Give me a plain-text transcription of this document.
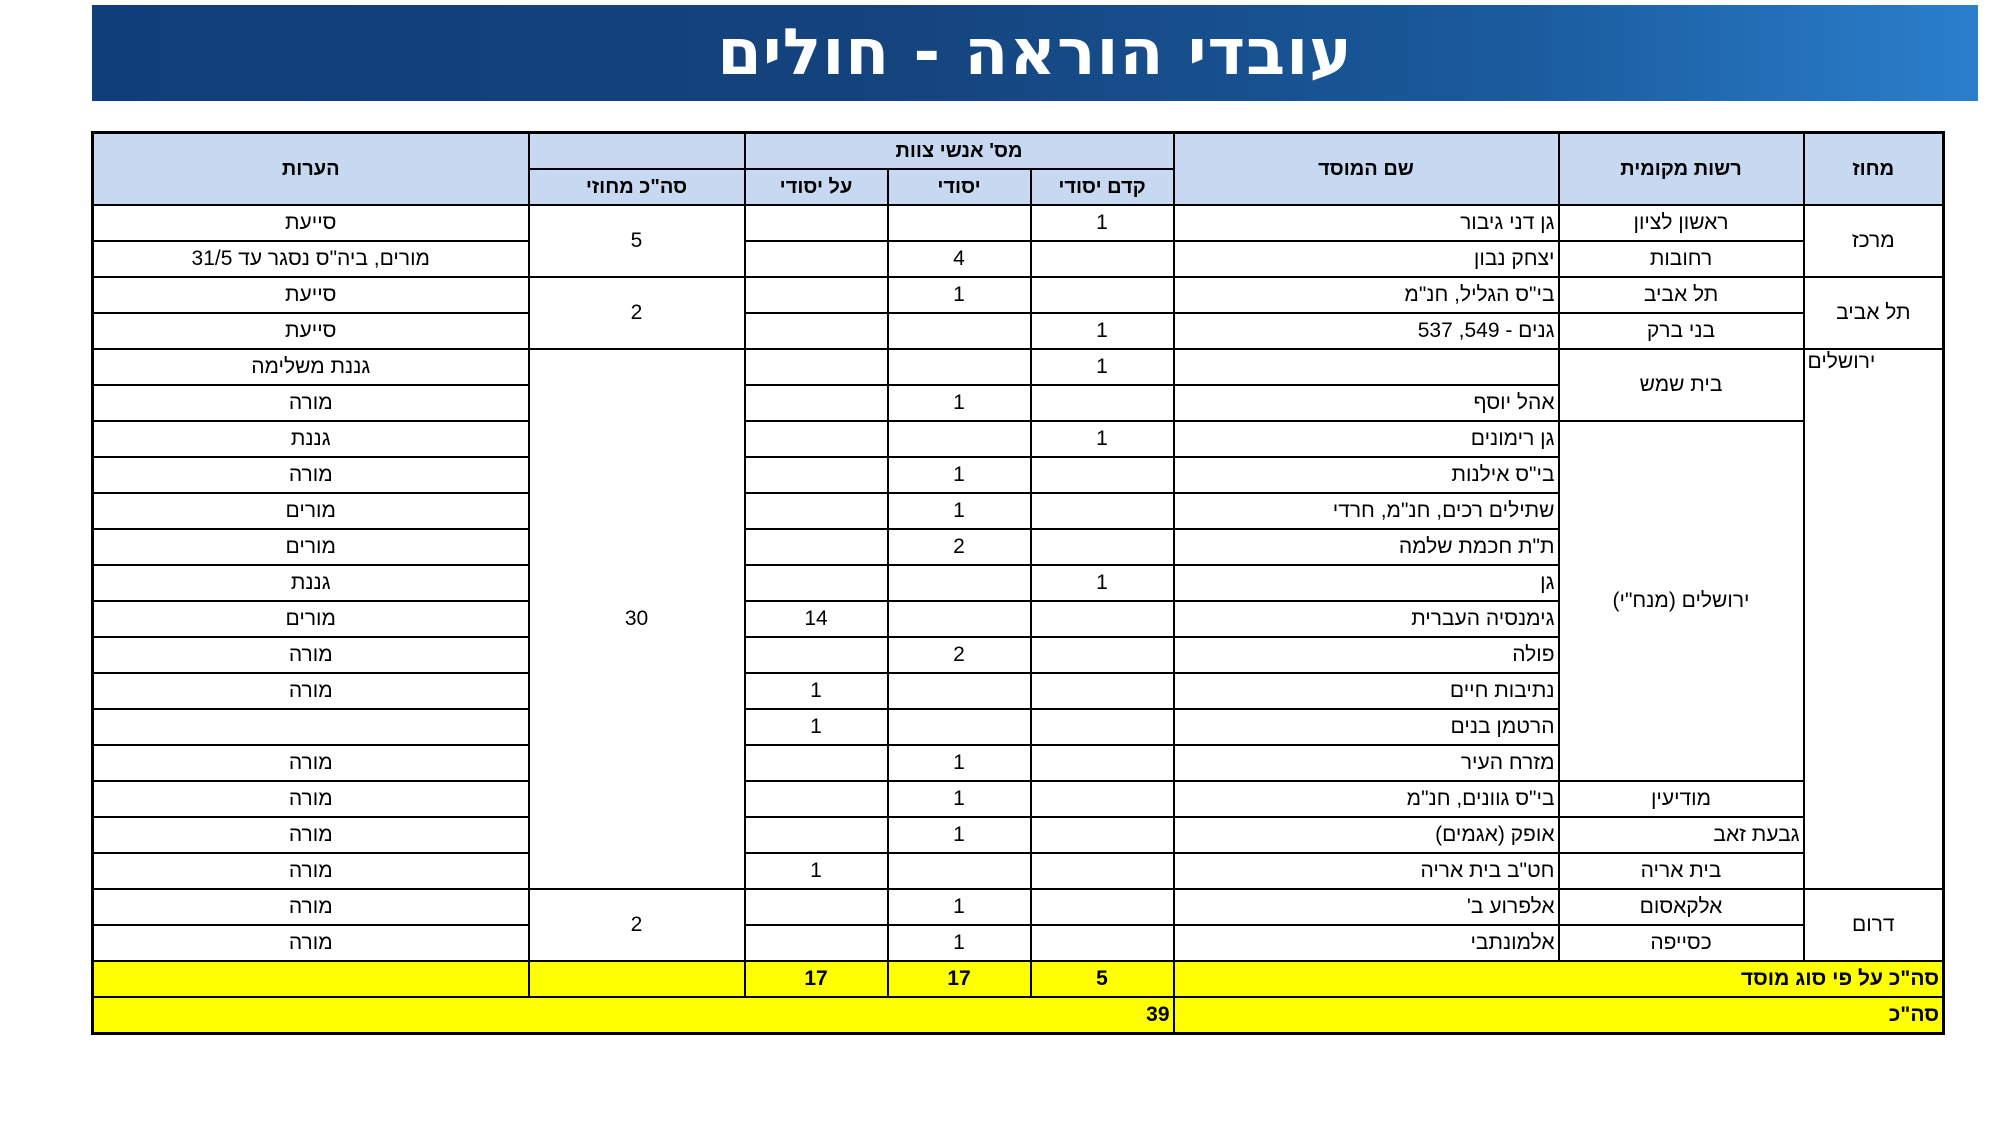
עובדי הוראה - חולים
מחוז	רשות מקומית	שם המוסד	מס' אנשי צוות				הערות
			קדם יסודי	יסודי	על יסודי	סה"כ מחוזי	
מרכז	ראשון לציון	גן דני גיבור	1			5	סייעת
	רחובות	יצחק נבון		4			מורים, ביה"ס נסגר עד 31/5
תל אביב	תל אביב	בי"ס הגליל, חנ"מ		1		2	סייעת
	בני ברק	גנים - 549, 537	1				סייעת
ירושלים	בית שמש		1			30	גננת משלימה
		אהל יוסף		1			מורה
	ירושלים (מנח"י)	גן רימונים	1				גננת
		בי"ס אילנות		1			מורה
		שתילים רכים, חנ"מ, חרדי		1			מורים
		ת"ת חכמת שלמה		2			מורים
		גן	1				גננת
		גימנסיה העברית			14		מורים
		פולה		2			מורה
		נתיבות חיים			1		מורה
		הרטמן בנים			1		
		מזרח העיר		1			מורה
	מודיעין	בי"ס גוונים, חנ"מ		1			מורה
	גבעת זאב	אופק (אגמים)		1			מורה
	בית אריה	חט"ב בית אריה			1		מורה
דרום	אלקאסום	אלפרוע ב'		1		2	מורה
	כסייפה	אלמונתבי		1			מורה
סה"כ על פי סוג מוסד			5	17	17		
סה"כ			39				
